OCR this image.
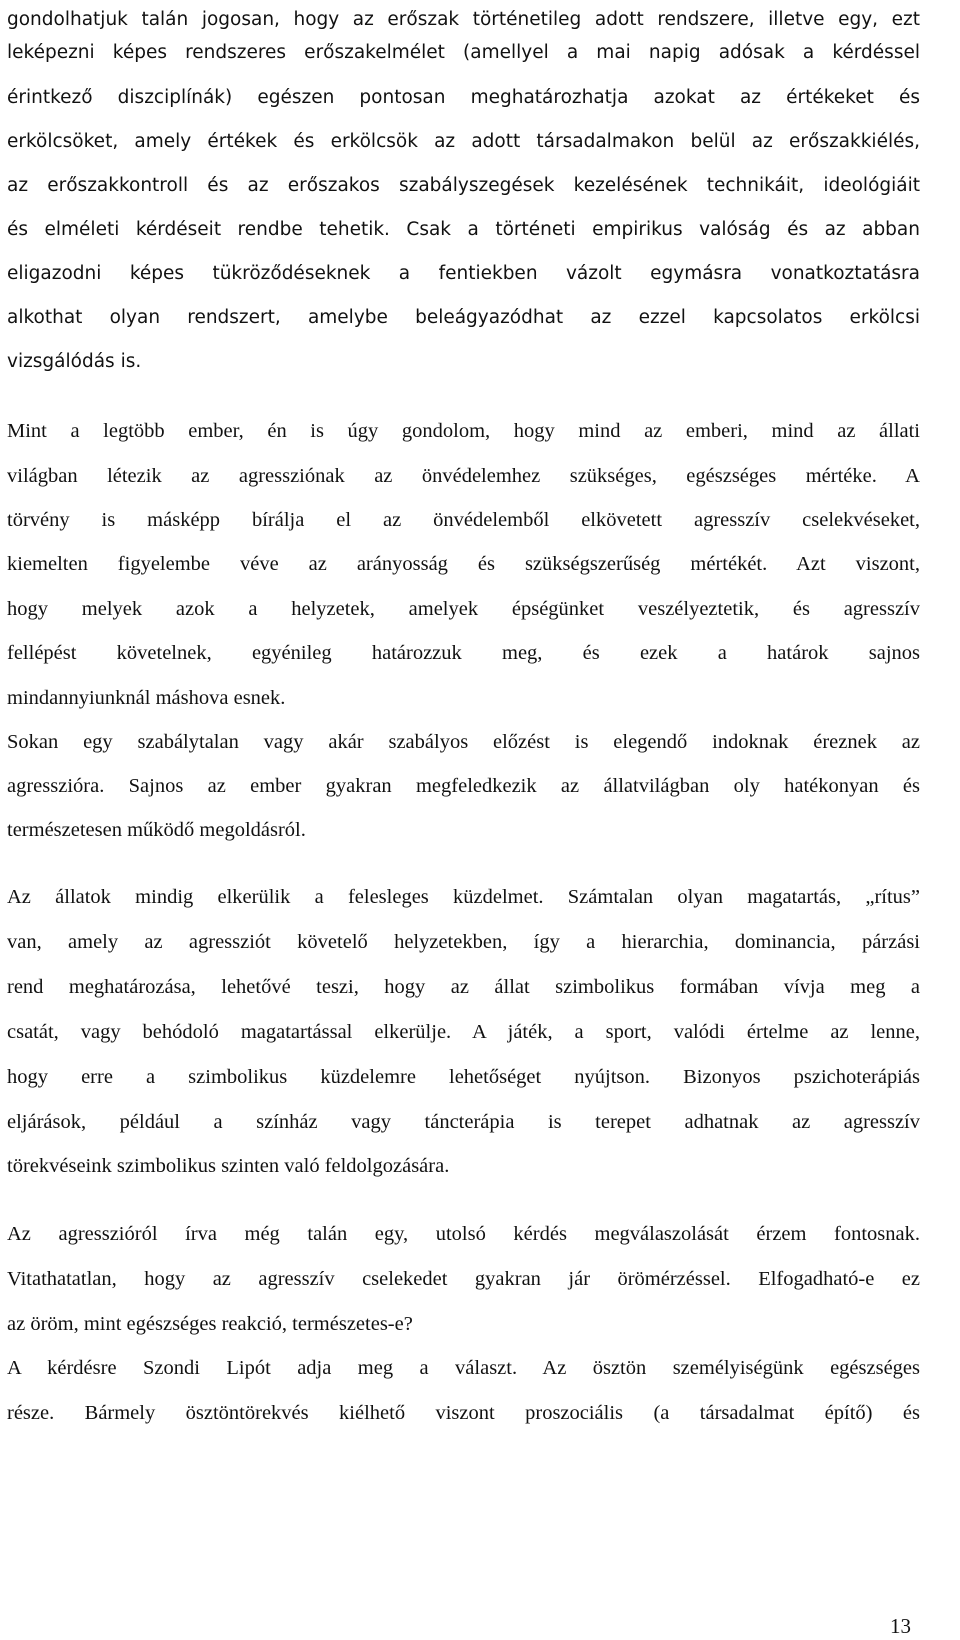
gondolhatjuk talán jogosan, hogy az erőszak történetileg adott rendszere, illetve egy, ezt
leképezni képes rendszeres erőszakelmélet (amellyel a mai napig adósak a kérdéssel
érintkező diszciplínák) egészen pontosan meghatározhatja azokat az értékeket és
erkölcsöket, amely értékek és erkölcsök az adott társadalmakon belül az erőszakkiélés,
az erőszakkontroll és az erőszakos szabályszegések kezelésének technikáit, ideológiáit
és elméleti kérdéseit rendbe tehetik. Csak a történeti empirikus valóság és az abban
eligazodni képes tükröződéseknek a fentiekben vázolt egymásra vonatkoztatásra
alkothat olyan rendszert, amelybe beleágyazódhat az ezzel kapcsolatos erkölcsi
vizsgálódás is.
Mint a legtöbb ember, én is úgy gondolom, hogy mind az emberi, mind az állati
világban létezik az agressziónak az önvédelemhez szükséges, egészséges mértéke. A
törvény is másképp bírálja el az önvédelemből elkövetett agresszív cselekvéseket,
kiemelten figyelembe véve az arányosság és szükségszerűség mértékét. Azt viszont,
hogy melyek azok a helyzetek, amelyek épségünket veszélyeztetik, és agresszív
fellépést követelnek, egyénileg határozzuk meg, és ezek a határok sajnos
mindannyiunknál máshova esnek.
Sokan egy szabálytalan vagy akár szabályos előzést is elegendő indoknak éreznek az
agresszióra. Sajnos az ember gyakran megfeledkezik az állatvilágban oly hatékonyan és
természetesen működő megoldásról.
Az állatok mindig elkerülik a felesleges küzdelmet. Számtalan olyan magatartás, „rítus”
van, amely az agressziót követelő helyzetekben, így a hierarchia, dominancia, párzási
rend meghatározása, lehetővé teszi, hogy az állat szimbolikus formában vívja meg a
csatát, vagy behódoló magatartással elkerülje. A játék, a sport, valódi értelme az lenne,
hogy erre a szimbolikus küzdelemre lehetőséget nyújtson. Bizonyos pszichoterápiás
eljárások, például a színház vagy táncterápia is terepet adhatnak az agresszív
törekvéseink szimbolikus szinten való feldolgozására.
Az agresszióról írva még talán egy, utolsó kérdés megválaszolását érzem fontosnak.
Vitathatatlan, hogy az agresszív cselekedet gyakran jár örömérzéssel. Elfogadható-e ez
az öröm, mint egészséges reakció, természetes-e?
A kérdésre Szondi Lipót adja meg a választ. Az ösztön személyiségünk egészséges
része. Bármely ösztöntörekvés kiélhető viszont proszociális (a társadalmat építő) és
13
